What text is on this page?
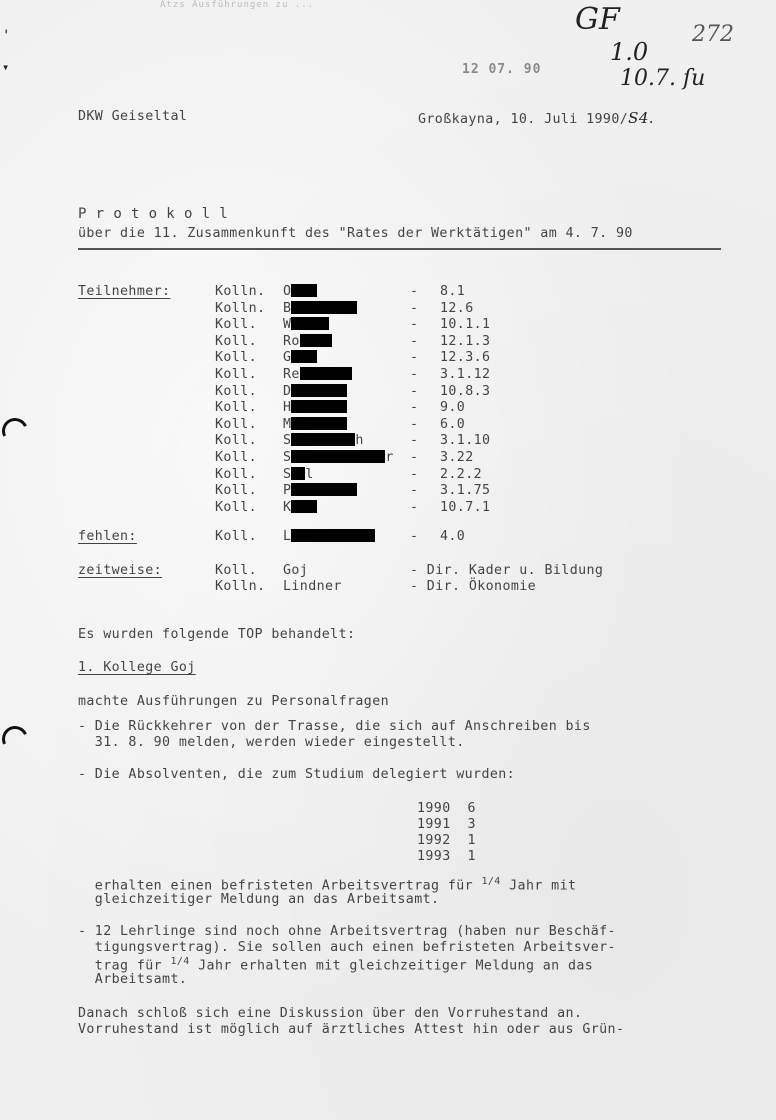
Ätzs Ausführungen zu ...
'
▾
GF	272
1.0
10.7. ſu
12 07. 90
DKW Geiseltal	Großkayna, 10. Juli 1990/S4.
P r o t o k o l l
über die 11. Zusammenkunft des "Rates der Werktätigen" am 4. 7. 90
Teilnehmer:	Kolln. O	- 8.1
Kolln. B	- 12.6
Koll. W	- 10.1.1
Koll. Ro	- 12.1.3
Koll. G	- 12.3.6
Koll. Re	- 3.1.12
Koll. D	- 10.8.3
Koll. H	- 9.0
Koll. M	- 6.0
Koll. S	h	- 3.1.10
Koll. S	r - 3.22
Koll. S l	- 2.2.2
Koll. P	- 3.1.75
Koll. K	- 10.7.1
fehlen:	Koll. L	- 4.0
zeitweise:	Koll. Goj	- Dir. Kader u. Bildung
Kolln. Lindner	- Dir. Ökonomie
Es wurden folgende TOP behandelt:
1. Kollege Goj
machte Ausführungen zu Personalfragen
- Die Rückkehrer von der Trasse, die sich auf Anschreiben bis
31. 8. 90 melden, werden wieder eingestellt.
- Die Absolventen, die zum Studium delegiert wurden:
1990 6
1991 3
1992 1
1993 1
erhalten einen befristeten Arbeitsvertrag für $^{1/4}$ Jahr mit
gleichzeitiger Meldung an das Arbeitsamt.
- 12 Lehrlinge sind noch ohne Arbeitsvertrag (haben nur Beschäf-
tigungsvertrag). Sie sollen auch einen befristeten Arbeitsver-
trag für $^{1/4}$ Jahr erhalten mit gleichzeitiger Meldung an das
Arbeitsamt.
Danach schloß sich eine Diskussion über den Vorruhestand an.
Vorruhestand ist möglich auf ärztliches Attest hin oder aus Grün-
